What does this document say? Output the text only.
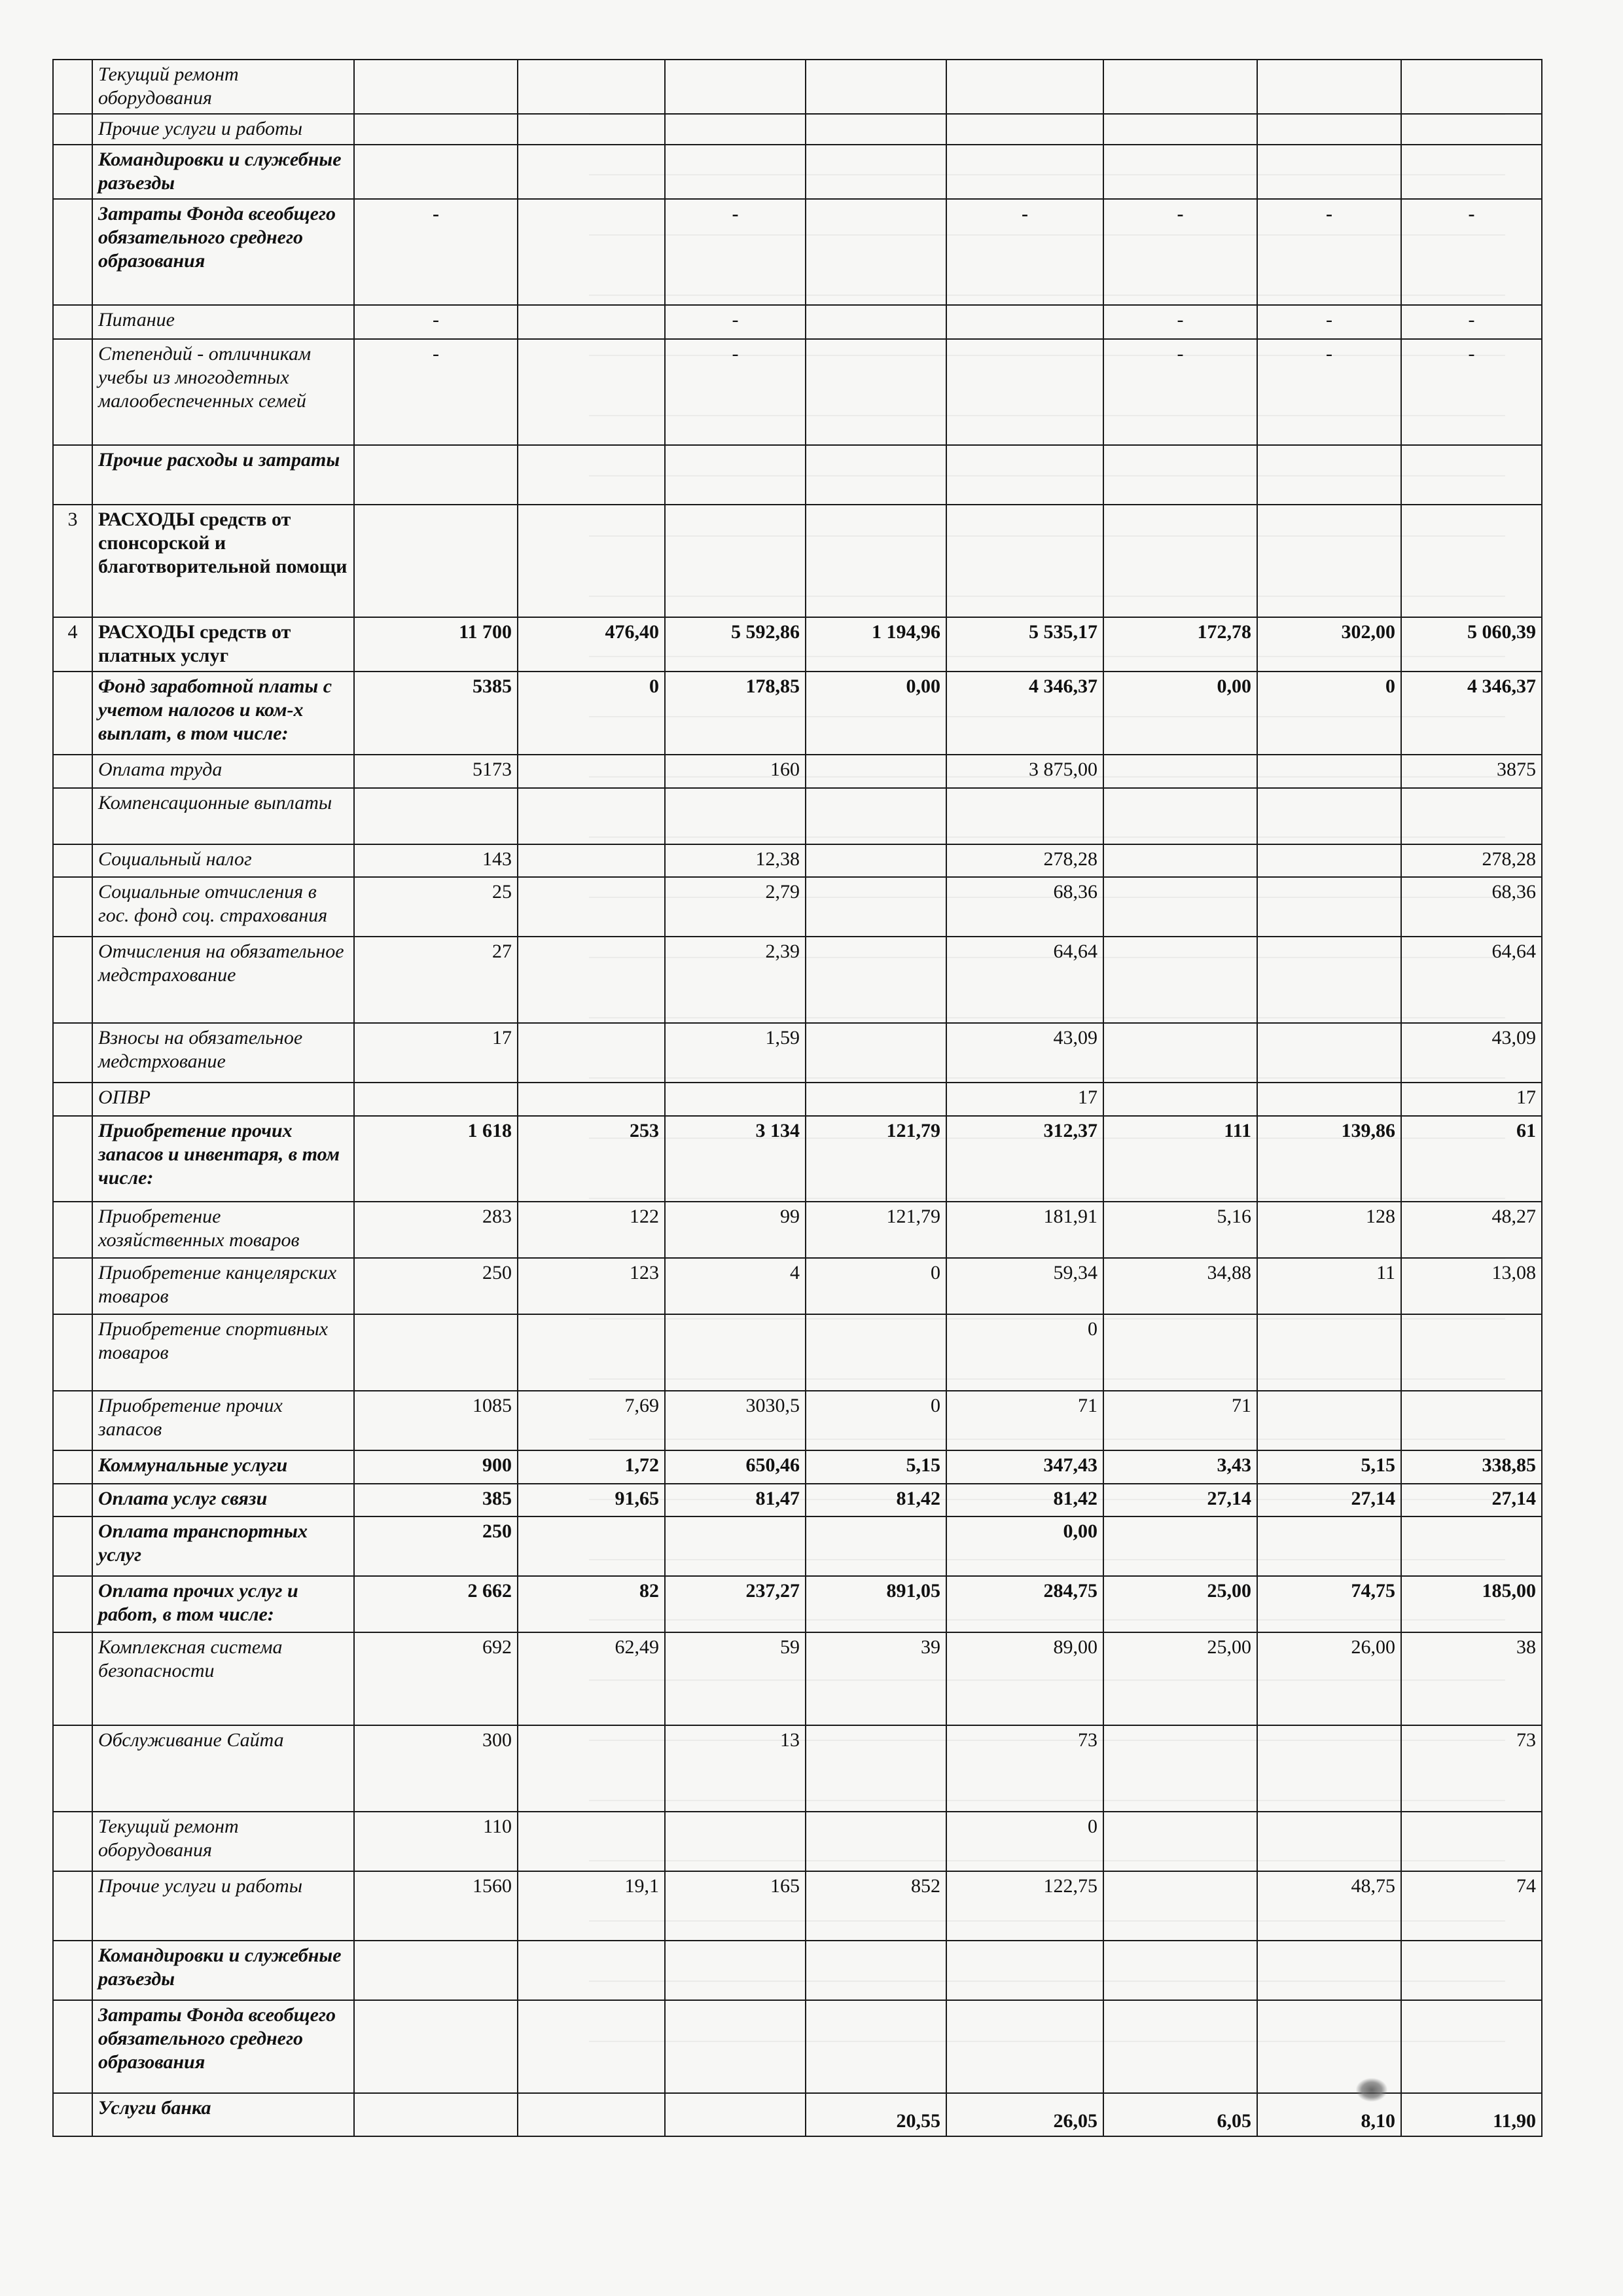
	Текущий ремонт оборудования								
	Прочие услуги и работы								
	Командировки и служебные разъезды								
	Затраты Фонда всеобщего обязательного среднего образования	-		-		-	-	-	-
	Питание	-		-			-	-	-
	Степендий - отличникам учебы из многодетных малообеспеченных семей	-		-			-	-	-
	Прочие расходы и затраты								
3	РАСХОДЫ средств от спонсорской и благотворительной помощи								
4	РАСХОДЫ средств от платных услуг	11 700	476,40	5 592,86	1 194,96	5 535,17	172,78	302,00	5 060,39
	Фонд заработной платы с учетом налогов и ком-х выплат, в том числе:	5385	0	178,85	0,00	4 346,37	0,00	0	4 346,37
	Оплата труда	5173		160		3 875,00			3875
	Компенсационные выплаты								
	Социальный налог	143		12,38		278,28			278,28
	Социальные отчисления в гос. фонд соц. страхования	25		2,79		68,36			68,36
	Отчисления на обязательное медстрахование	27		2,39		64,64			64,64
	Взносы на обязательное медстрхование	17		1,59		43,09			43,09
	ОПВР					17			17
	Приобретение прочих запасов и инвентаря, в том числе:	1 618	253	3 134	121,79	312,37	111	139,86	61
	Приобретение хозяйственных товаров	283	122	99	121,79	181,91	5,16	128	48,27
	Приобретение канцелярских товаров	250	123	4	0	59,34	34,88	11	13,08
	Приобретение спортивных товаров					0			
	Приобретение прочих запасов	1085	7,69	3030,5	0	71	71		
	Коммунальные услуги	900	1,72	650,46	5,15	347,43	3,43	5,15	338,85
	Оплата услуг связи	385	91,65	81,47	81,42	81,42	27,14	27,14	27,14
	Оплата транспортных услуг	250				0,00			
	Оплата прочих услуг и работ, в том числе:	2 662	82	237,27	891,05	284,75	25,00	74,75	185,00
	Комплексная система безопасности	692	62,49	59	39	89,00	25,00	26,00	38
	Обслуживание Сайта	300		13		73			73
	Текущий ремонт оборудования	110				0			
	Прочие услуги и работы	1560	19,1	165	852	122,75		48,75	74
	Командировки и служебные разъезды								
	Затраты Фонда всеобщего обязательного среднего образования								
	Услуги банка				20,55	26,05	6,05	8,10	11,90
